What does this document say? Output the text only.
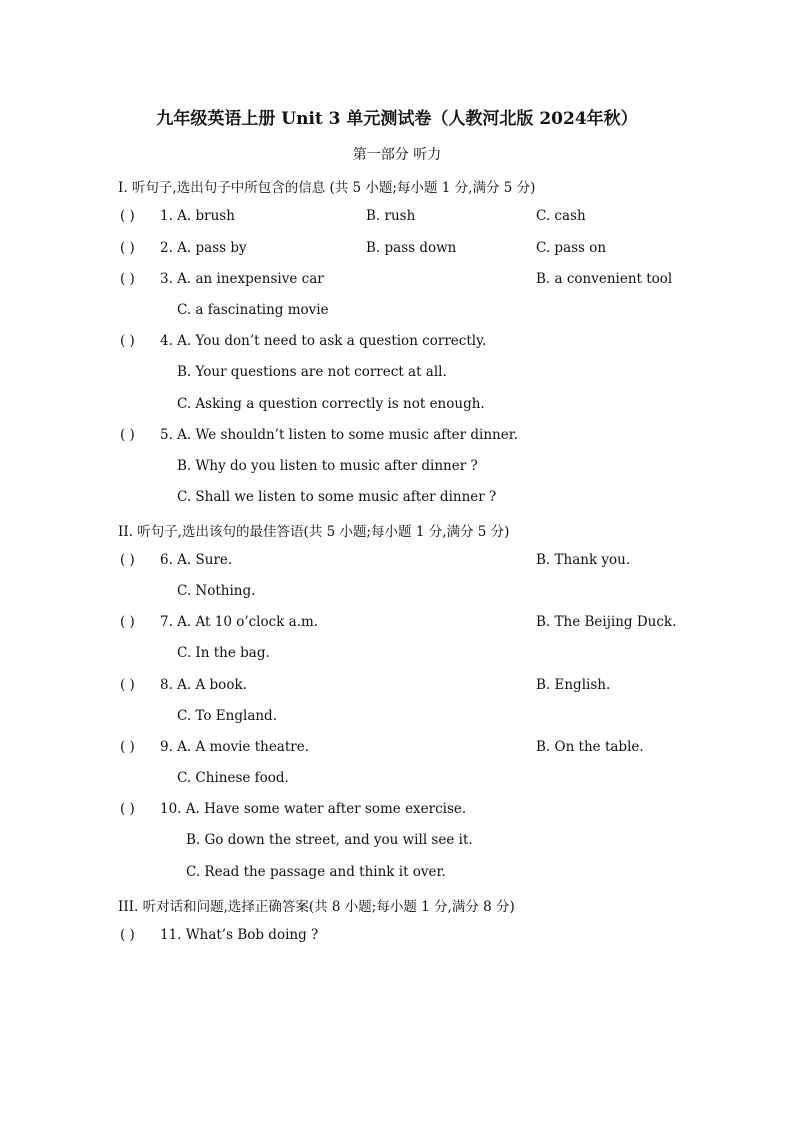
九年级英语上册 Unit 3 单元测试卷（人教河北版 2024年秋）
第一部分 听力
I. 听句子,选出句子中所包含的信息 (共 5 小题;每小题 1 分,满分 5 分)
( ) 1. A. brush	B. rush	C. cash
( ) 2. A. pass by	B. pass down	C. pass on
( ) 3. A. an inexpensive car	B. a convenient tool
C. a fascinating movie
( ) 4. A. You don’t need to ask a question correctly.
B. Your questions are not correct at all.
C. Asking a question correctly is not enough.
( ) 5. A. We shouldn’t listen to some music after dinner.
B. Why do you listen to music after dinner ?
C. Shall we listen to some music after dinner ?
II. 听句子,选出该句的最佳答语(共 5 小题;每小题 1 分,满分 5 分)
( ) 6. A. Sure.	B. Thank you.
C. Nothing.
( ) 7. A. At 10 o’clock a.m.	B. The Beijing Duck.
C. In the bag.
( ) 8. A. A book.	B. English.
C. To England.
( ) 9. A. A movie theatre.	B. On the table.
C. Chinese food.
( ) 10. A. Have some water after some exercise.
B. Go down the street, and you will see it.
C. Read the passage and think it over.
III. 听对话和问题,选择正确答案(共 8 小题;每小题 1 分,满分 8 分)
( ) 11. What’s Bob doing ?
